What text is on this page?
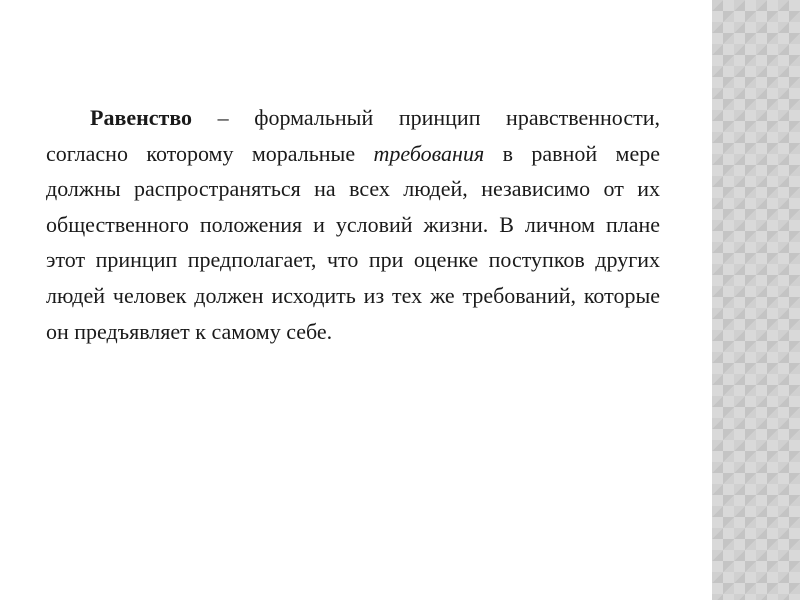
Равенство – формальный принцип нравственности, согласно которому моральные требования в равной мере должны распространяться на всех людей, независимо от их общественного положения и условий жизни. В личном плане этот принцип предполагает, что при оценке поступков других людей человек должен исходить из тех же требований, которые он предъявляет к самому себе.
